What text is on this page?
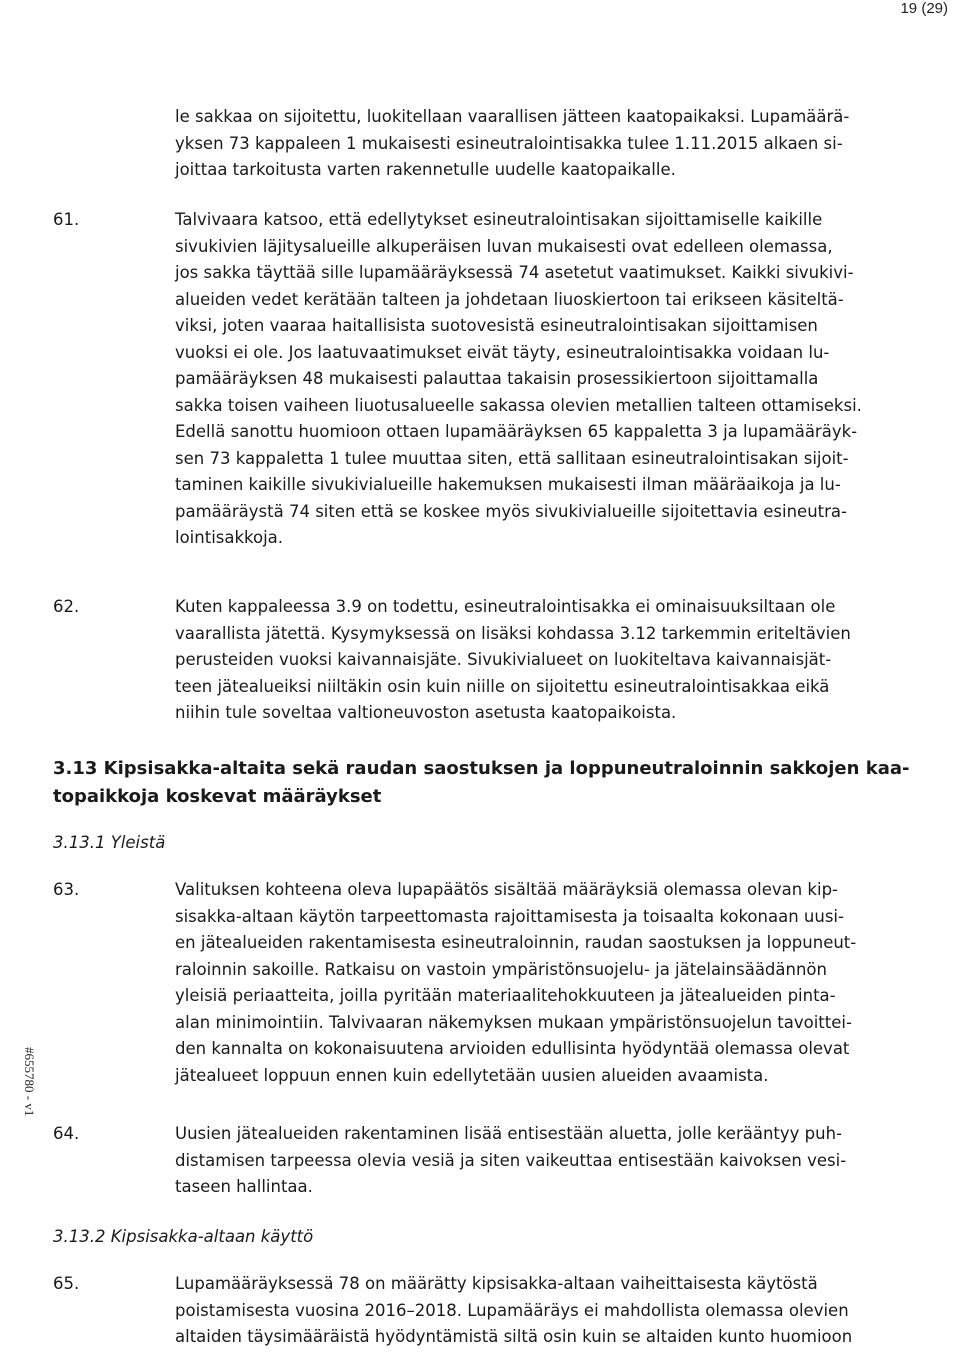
19 (29)
#655780 - v1
le sakkaa on sijoitettu, luokitellaan vaarallisen jätteen kaatopaikaksi. Lupamäärä-
yksen 73 kappaleen 1 mukaisesti esineutralointisakka tulee 1.11.2015 alkaen si-
joittaa tarkoitusta varten rakennetulle uudelle kaatopaikalle.
61.	Talvivaara katsoo, että edellytykset esineutralointisakan sijoittamiselle kaikille
sivukivien läjitysalueille alkuperäisen luvan mukaisesti ovat edelleen olemassa,
jos sakka täyttää sille lupamääräyksessä 74 asetetut vaatimukset. Kaikki sivukivi-
alueiden vedet kerätään talteen ja johdetaan liuoskiertoon tai erikseen käsiteltä-
viksi, joten vaaraa haitallisista suotovesistä esineutralointisakan sijoittamisen
vuoksi ei ole. Jos laatuvaatimukset eivät täyty, esineutralointisakka voidaan lu-
pamääräyksen 48 mukaisesti palauttaa takaisin prosessikiertoon sijoittamalla
sakka toisen vaiheen liuotusalueelle sakassa olevien metallien talteen ottamiseksi.
Edellä sanottu huomioon ottaen lupamääräyksen 65 kappaletta 3 ja lupamääräyk-
sen 73 kappaletta 1 tulee muuttaa siten, että sallitaan esineutralointisakan sijoit-
taminen kaikille sivukivialueille hakemuksen mukaisesti ilman määräaikoja ja lu-
pamääräystä 74 siten että se koskee myös sivukivialueille sijoitettavia esineutra-
lointisakkoja.
62.	Kuten kappaleessa 3.9 on todettu, esineutralointisakka ei ominaisuuksiltaan ole
vaarallista jätettä. Kysymyksessä on lisäksi kohdassa 3.12 tarkemmin eriteltävien
perusteiden vuoksi kaivannaisjäte. Sivukivialueet on luokiteltava kaivannaisjät-
teen jätealueiksi niiltäkin osin kuin niille on sijoitettu esineutralointisakkaa eikä
niihin tule soveltaa valtioneuvoston asetusta kaatopaikoista.
3.13 Kipsisakka-altaita sekä raudan saostuksen ja loppuneutraloinnin sakkojen kaa-
topaikkoja koskevat määräykset
3.13.1 Yleistä
63.	Valituksen kohteena oleva lupapäätös sisältää määräyksiä olemassa olevan kip-
sisakka-altaan käytön tarpeettomasta rajoittamisesta ja toisaalta kokonaan uusi-
en jätealueiden rakentamisesta esineutraloinnin, raudan saostuksen ja loppuneut-
raloinnin sakoille. Ratkaisu on vastoin ympäristönsuojelu- ja jätelainsäädännön
yleisiä periaatteita, joilla pyritään materiaalitehokkuuteen ja jätealueiden pinta-
alan minimointiin. Talvivaaran näkemyksen mukaan ympäristönsuojelun tavoittei-
den kannalta on kokonaisuutena arvioiden edullisinta hyödyntää olemassa olevat
jätealueet loppuun ennen kuin edellytetään uusien alueiden avaamista.
64.	Uusien jätealueiden rakentaminen lisää entisestään aluetta, jolle kerääntyy puh-
distamisen tarpeessa olevia vesiä ja siten vaikeuttaa entisestään kaivoksen vesi-
taseen hallintaa.
3.13.2 Kipsisakka-altaan käyttö
65.	Lupamääräyksessä 78 on määrätty kipsisakka-altaan vaiheittaisesta käytöstä
poistamisesta vuosina 2016–2018. Lupamääräys ei mahdollista olemassa olevien
altaiden täysimääräistä hyödyntämistä siltä osin kuin se altaiden kunto huomioon
